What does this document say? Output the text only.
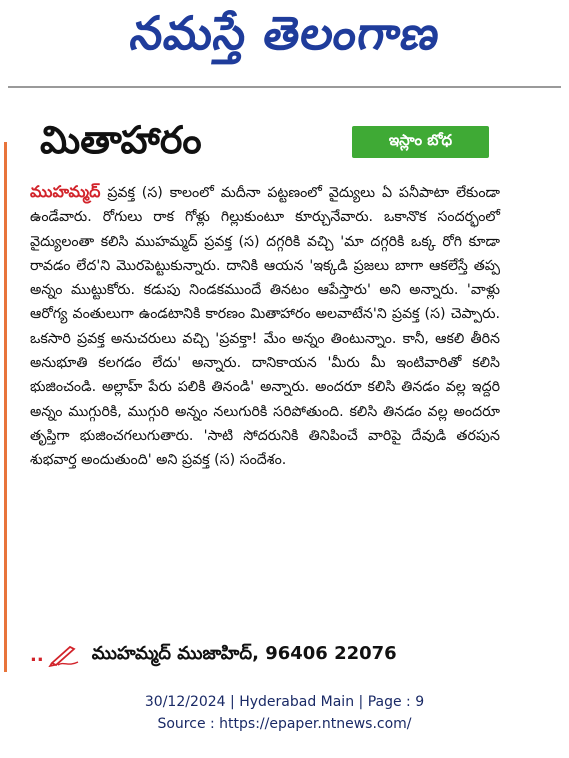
నమస్తే తెలంగాణ
మితాహారం	ఇస్లాం బోధ
ముహమ్మద్ ప్రవక్త (స) కాలంలో మదీనా పట్టణంలో వైద్యులు ఏ పనీపాటా లేకుండా ఉండేవారు. రోగులు రాక గోళ్లు గిల్లుకుంటూ కూర్చునేవారు. ఒకానొక సందర్భంలో వైద్యులంతా కలిసి ముహమ్మద్ ప్రవక్త (స) దగ్గరికి వచ్చి 'మా దగ్గరికి ఒక్క రోగి కూడా రావడం లేద'ని మొరపెట్టుకున్నారు. దానికి ఆయన 'ఇక్కడి ప్రజలు బాగా ఆకలేస్తే తప్ప అన్నం ముట్టుకోరు. కడుపు నిండకముందే తినటం ఆపేస్తారు' అని అన్నారు. 'వాళ్లు ఆరోగ్య వంతులుగా ఉండటానికి కారణం మితాహారం అలవాటేన'ని ప్రవక్త (స) చెప్పారు. ఒకసారి ప్రవక్త అనుచరులు వచ్చి 'ప్రవక్తా! మేం అన్నం తింటున్నాం. కానీ, ఆకలి తీరిన అనుభూతి కలగడం లేదు' అన్నారు. దానికాయన 'మీరు మీ ఇంటివారితో కలిసి భుజించండి. అల్లాహ్ పేరు పలికి తినండి' అన్నారు. అందరూ కలిసి తినడం వల్ల ఇద్దరి అన్నం ముగ్గురికి, ముగ్గురి అన్నం నలుగురికి సరిపోతుంది. కలిసి తినడం వల్ల అందరూ తృప్తిగా భుజించగలుగుతారు. 'సాటి సోదరునికి తినిపించే వారిపై దేవుడి తరపున శుభవార్త అందుతుంది' అని ప్రవక్త (స) సందేశం.
..	ముహమ్మద్ ముజాహిద్, 96406 22076
30/12/2024 | Hyderabad Main | Page : 9
Source : https://epaper.ntnews.com/
